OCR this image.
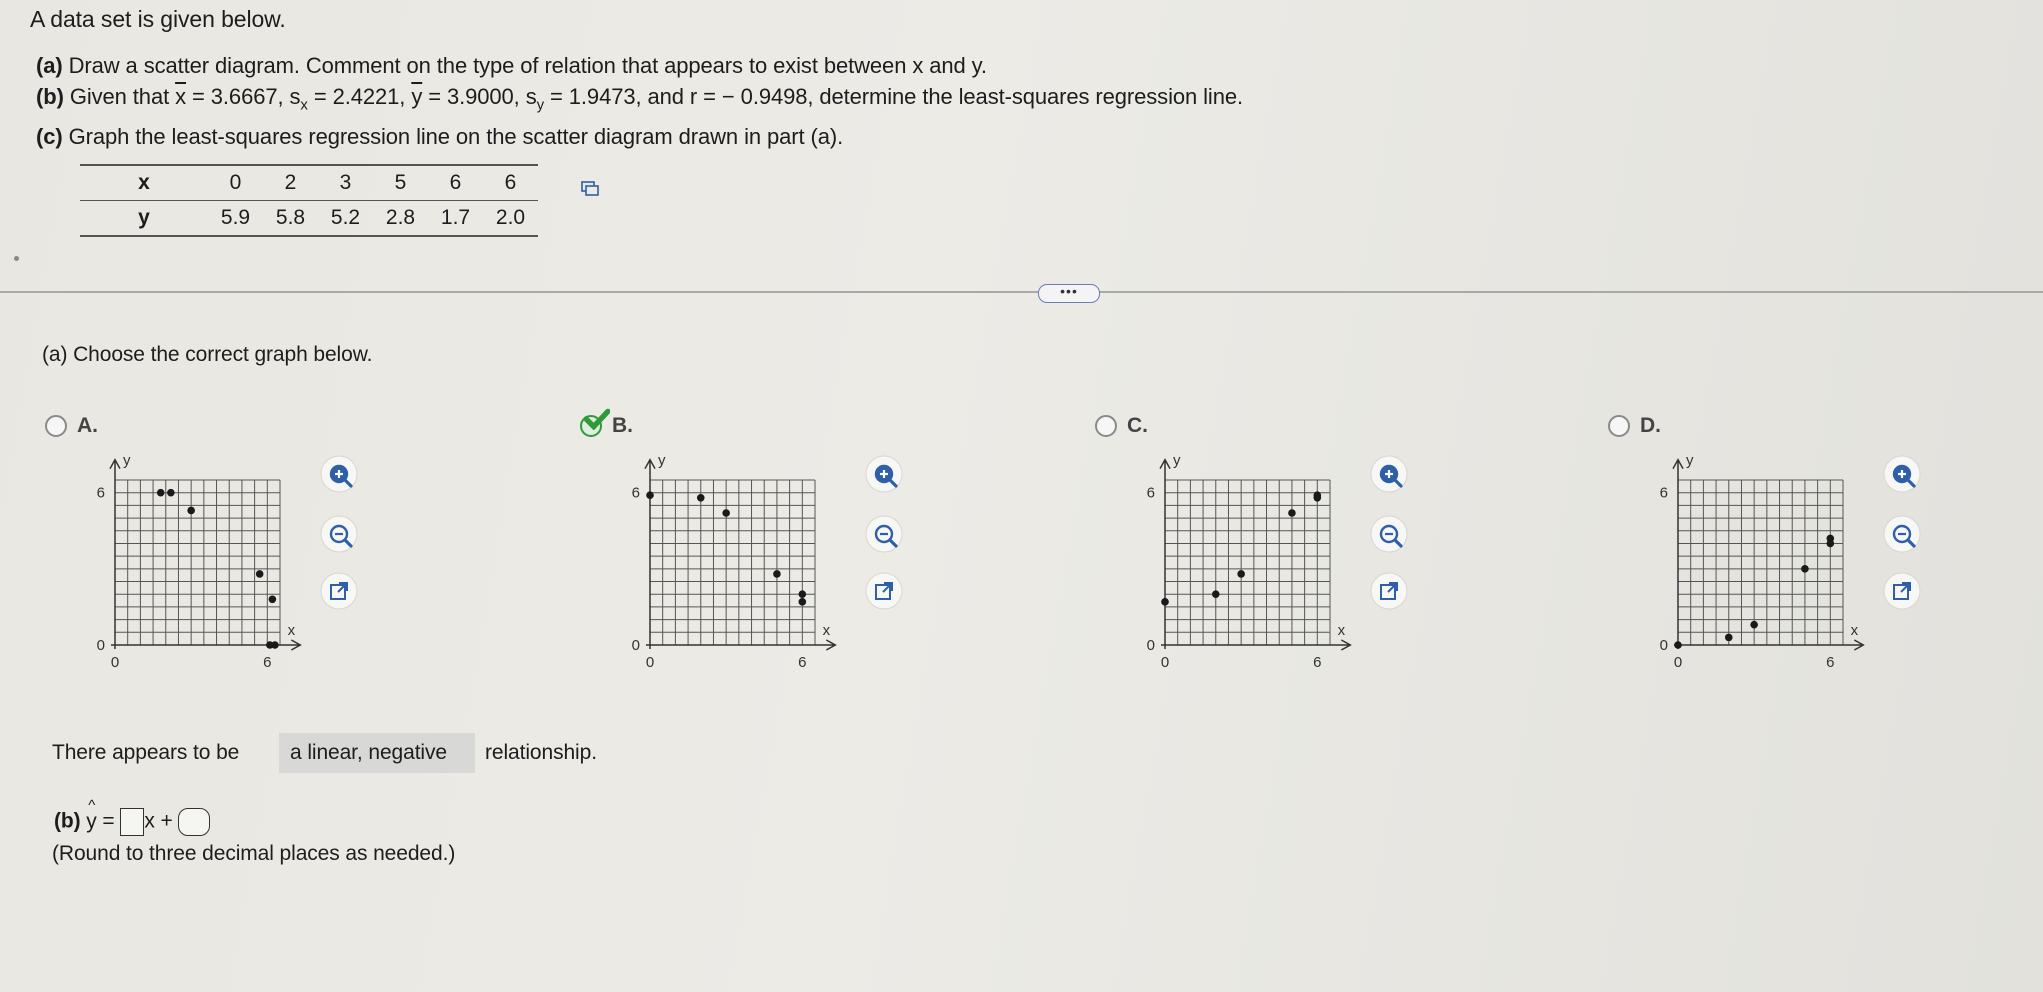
A data set is given below.
(a) Draw a scatter diagram. Comment on the type of relation that appears to exist between x and y.
(b) Given that $\overline{x} = 3.6667$, $s_x = 2.4221$, $\overline{y} = 3.9000$, $s_y = 1.9473$, and r = − 0.9498, determine the least-squares regression line.
(c) Graph the least-squares regression line on the scatter diagram drawn in part (a).
x	0	2	3	5	6	6
y	5.9	5.8	5.2	2.8	1.7	2.0
•••
(a) Choose the correct graph below.
A.
y
x
6
0
0	6
B.
y
x
6
0
0	6
C.
y
x
6
0
0	6
D.
y
x
6
0
0	6
There appears to be a linear, negative relationship.
(b) y
^
= x +
(Round to three decimal places as needed.)
